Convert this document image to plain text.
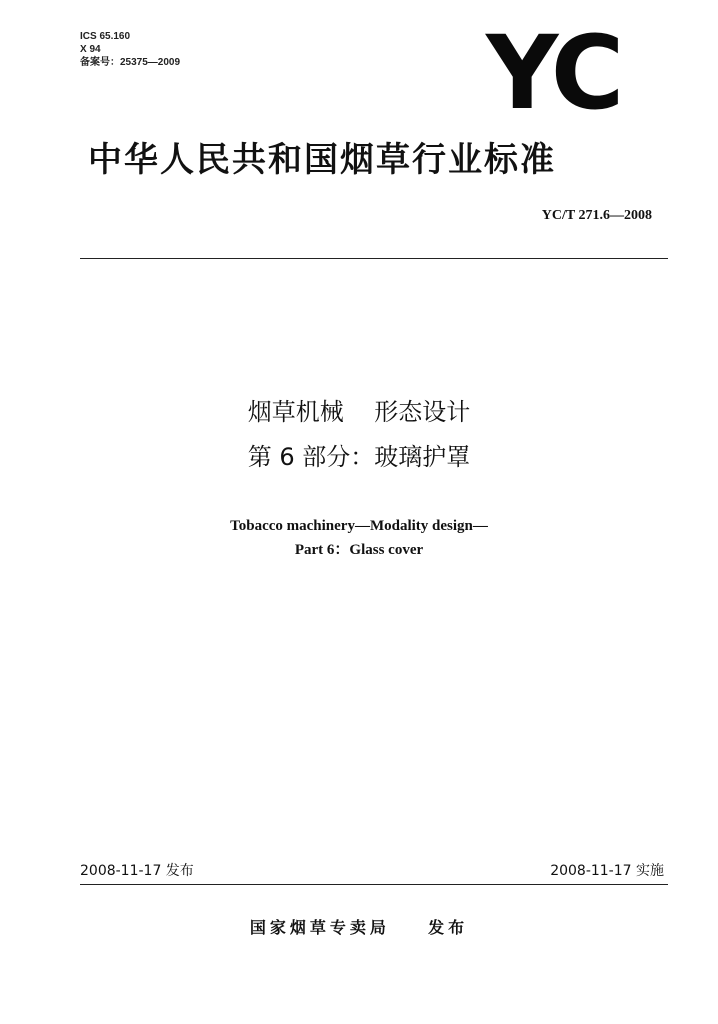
ICS 65.160
X 94
备案号：25375—2009	YC
中华人民共和国烟草行业标准
YC/T 271.6—2008
烟草机械    形态设计
第 6 部分：玻璃护罩
Tobacco machinery—Modality design—
Part 6：Glass cover
2008-11-17 发布	2008-11-17 实施
国家烟草专卖局    发布
